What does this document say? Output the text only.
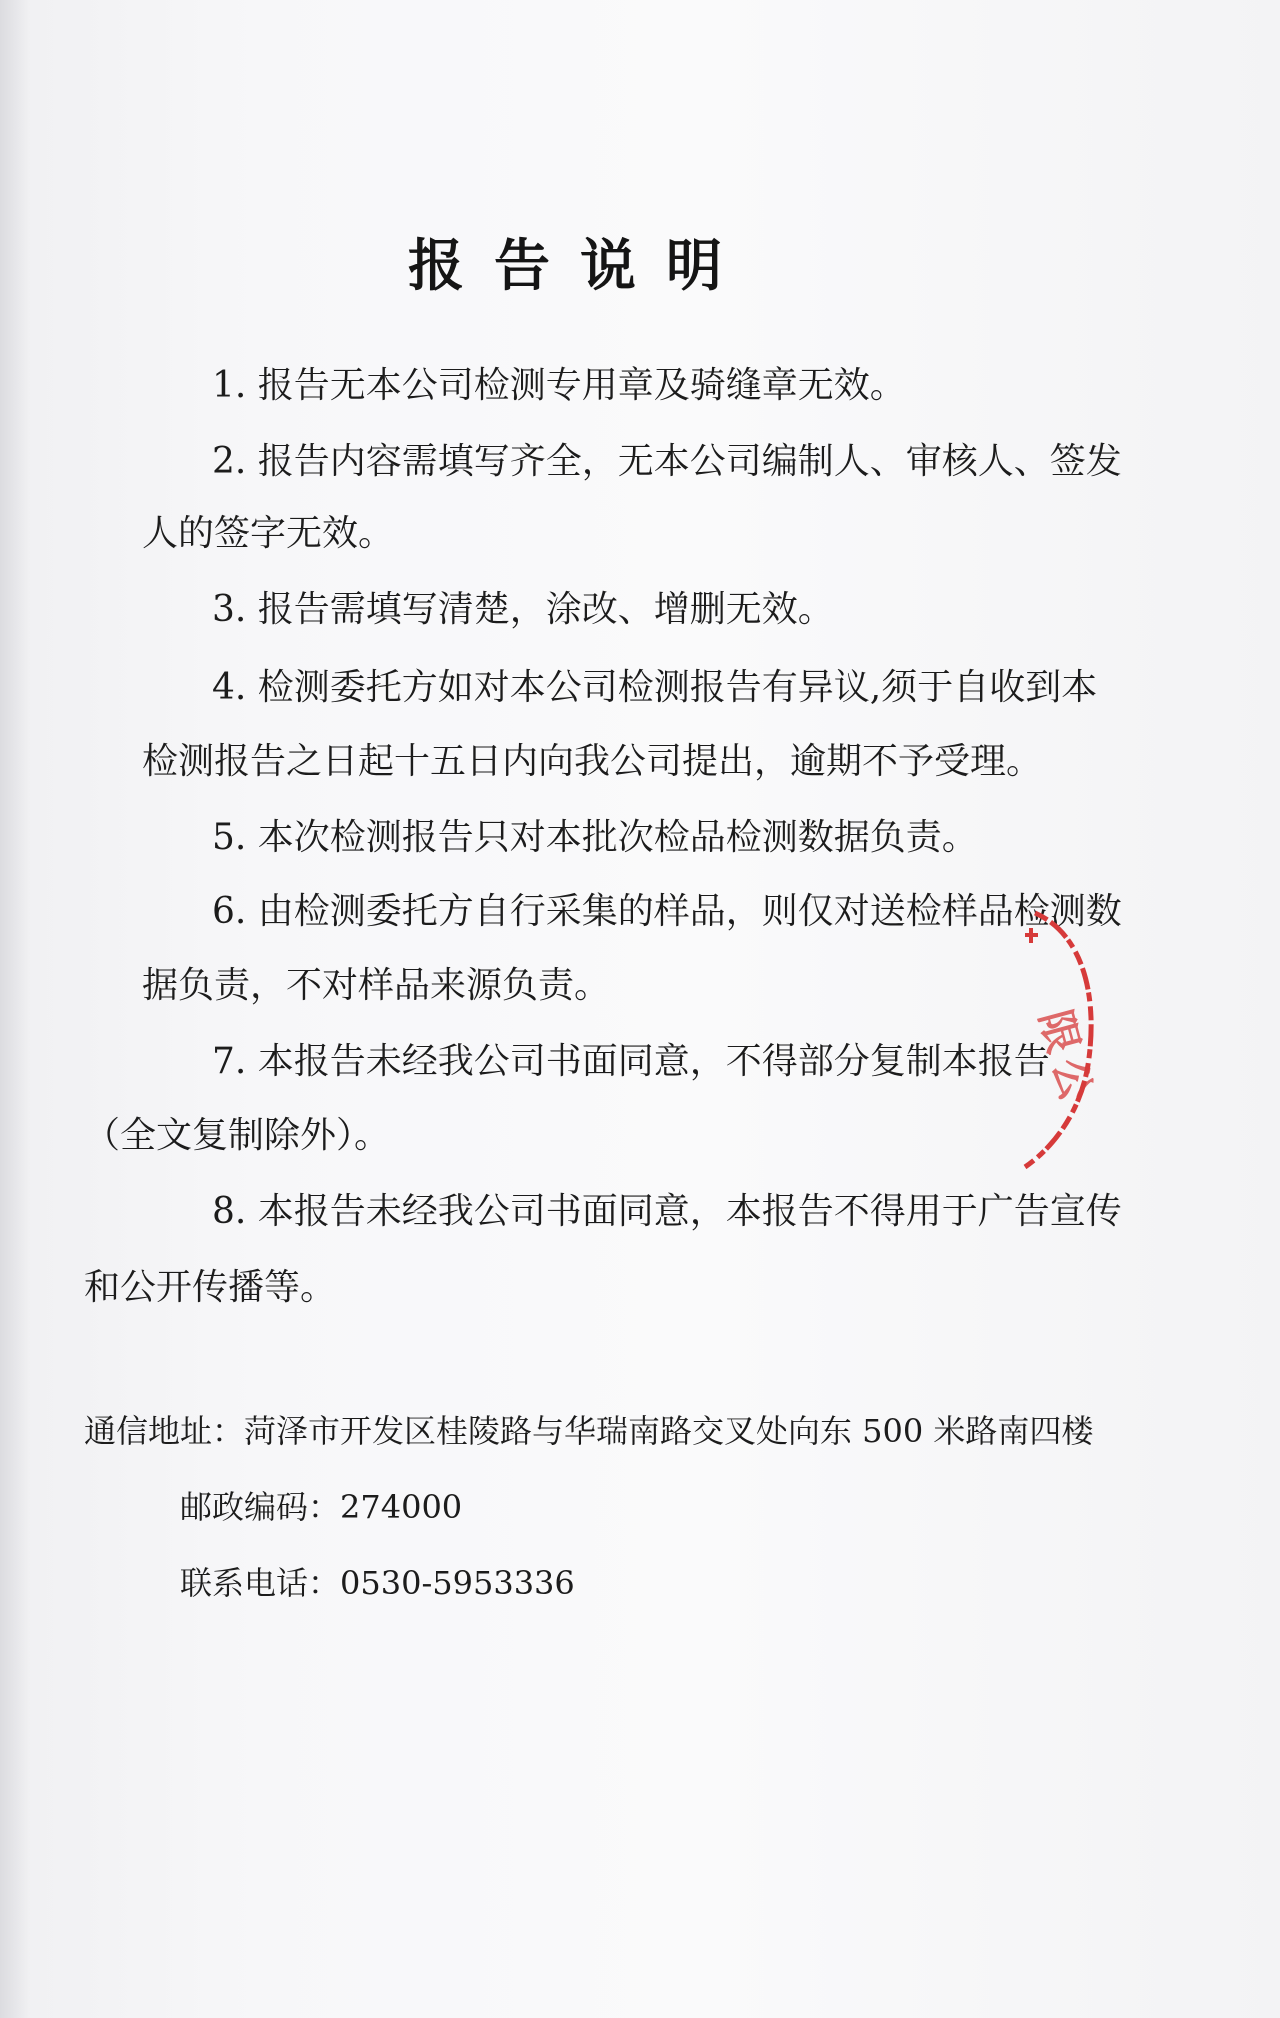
报告说明
1. 报告无本公司检测专用章及骑缝章无效。
2. 报告内容需填写齐全，无本公司编制人、审核人、签发
人的签字无效。
3. 报告需填写清楚，涂改、增删无效。
4. 检测委托方如对本公司检测报告有异议,须于自收到本
检测报告之日起十五日内向我公司提出，逾期不予受理。
5. 本次检测报告只对本批次检品检测数据负责。
6. 由检测委托方自行采集的样品，则仅对送检样品检测数
据负责，不对样品来源负责。
7. 本报告未经我公司书面同意，不得部分复制本报告
（全文复制除外）。
8. 本报告未经我公司书面同意，本报告不得用于广告宣传
和公开传播等。
通信地址：菏泽市开发区桂陵路与华瑞南路交叉处向东 500 米路南四楼
邮政编码：274000
联系电话：0530-5953336
限公
